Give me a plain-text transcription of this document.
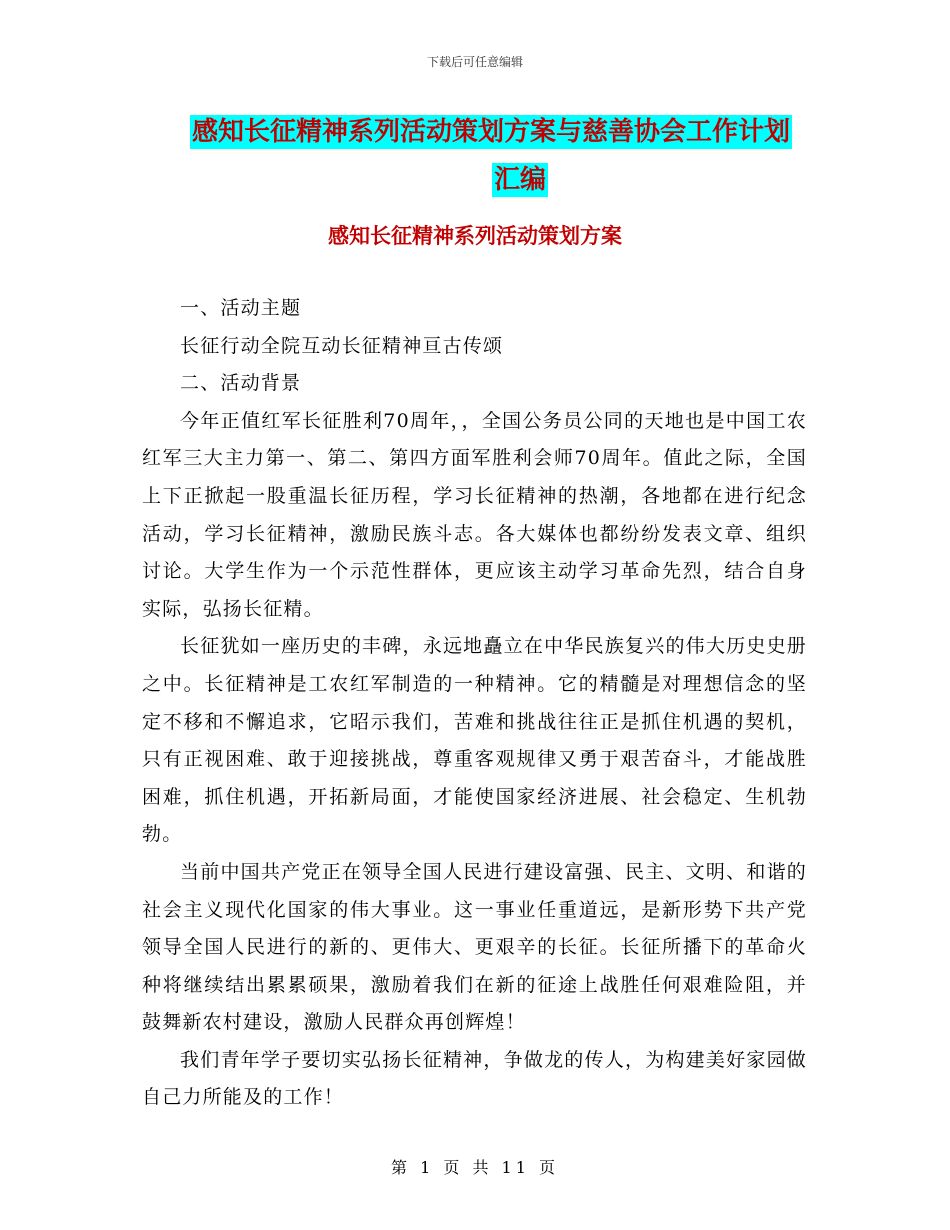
下载后可任意编辑
感知长征精神系列活动策划方案与慈善协会工作计划
汇编
感知长征精神系列活动策划方案

一、活动主题

长征行动全院互动长征精神亘古传颂

二、活动背景

今年正值红军长征胜利70周年，，全国公务员公同的天地也是中国工农红军三大主力第一、第二、第四方面军胜利会师70周年。值此之际，全国上下正掀起一股重温长征历程，学习长征精神的热潮，各地都在进行纪念活动，学习长征精神，激励民族斗志。各大媒体也都纷纷发表文章、组织讨论。大学生作为一个示范性群体，更应该主动学习革命先烈，结合自身实际，弘扬长征精。

长征犹如一座历史的丰碑，永远地矗立在中华民族复兴的伟大历史史册之中。长征精神是工农红军制造的一种精神。它的精髓是对理想信念的坚定不移和不懈追求，它昭示我们，苦难和挑战往往正是抓住机遇的契机，只有正视困难、敢于迎接挑战，尊重客观规律又勇于艰苦奋斗，才能战胜困难，抓住机遇，开拓新局面，才能使国家经济进展、社会稳定、生机勃勃。

当前中国共产党正在领导全国人民进行建设富强、民主、文明、和谐的社会主义现代化国家的伟大事业。这一事业任重道远，是新形势下共产党领导全国人民进行的新的、更伟大、更艰辛的长征。长征所播下的革命火种将继续结出累累硕果，激励着我们在新的征途上战胜任何艰难险阻，并鼓舞新农村建设，激励人民群众再创辉煌！

我们青年学子要切实弘扬长征精神，争做龙的传人，为构建美好家园做自己力所能及的工作！

第 1 页 共 11 页
